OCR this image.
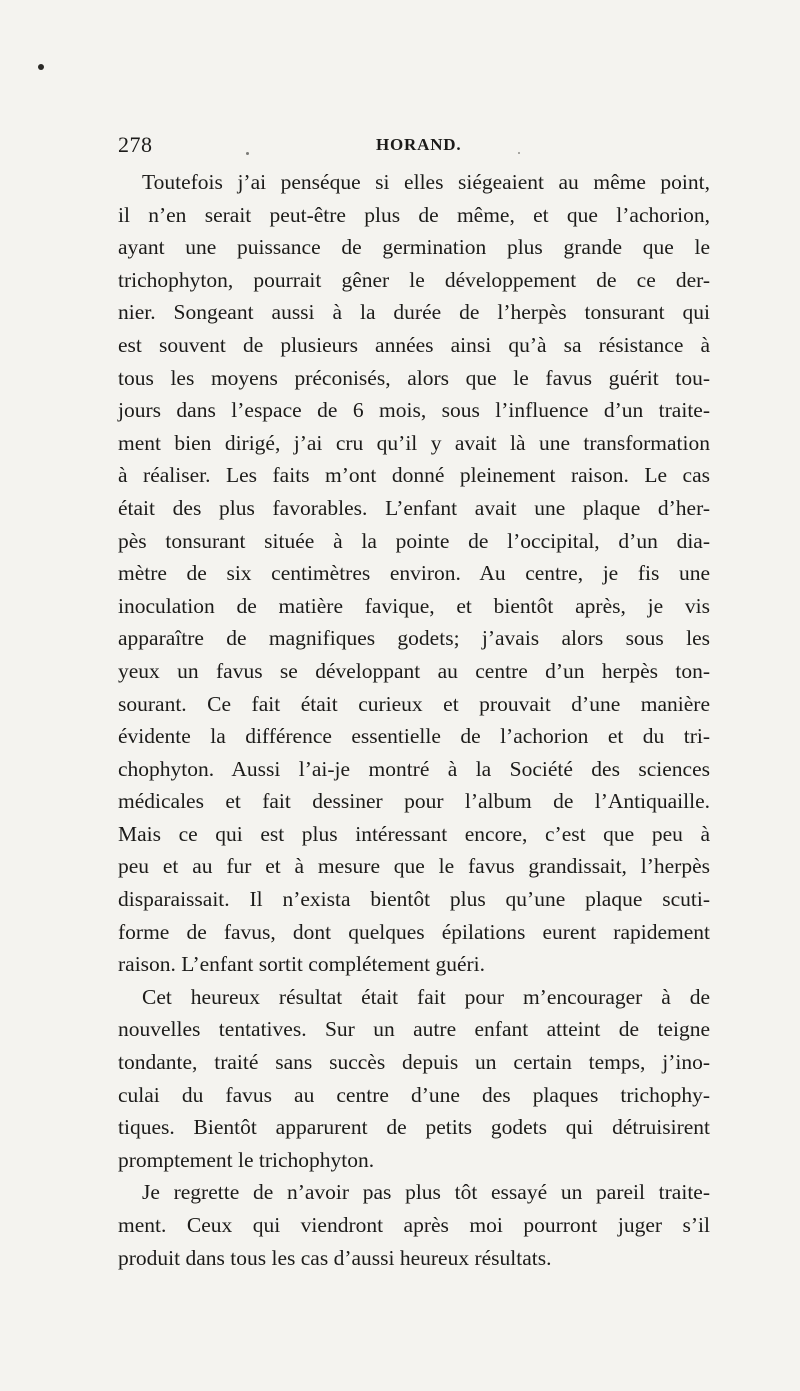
278	HORAND.
Toutefois j’ai penséque si elles siégeaient au même point,
il n’en serait peut-être plus de même, et que l’achorion,
ayant une puissance de germination plus grande que le
trichophyton, pourrait gêner le développement de ce der-
nier. Songeant aussi à la durée de l’herpès tonsurant qui
est souvent de plusieurs années ainsi qu’à sa résistance à
tous les moyens préconisés, alors que le favus guérit tou-
jours dans l’espace de 6 mois, sous l’influence d’un traite-
ment bien dirigé, j’ai cru qu’il y avait là une transformation
à réaliser. Les faits m’ont donné pleinement raison. Le cas
était des plus favorables. L’enfant avait une plaque d’her-
pès tonsurant située à la pointe de l’occipital, d’un dia-
mètre de six centimètres environ. Au centre, je fis une
inoculation de matière favique, et bientôt après, je vis
apparaître de magnifiques godets; j’avais alors sous les
yeux un favus se développant au centre d’un herpès ton-
sourant. Ce fait était curieux et prouvait d’une manière
évidente la différence essentielle de l’achorion et du tri-
chophyton. Aussi l’ai-je montré à la Société des sciences
médicales et fait dessiner pour l’album de l’Antiquaille.
Mais ce qui est plus intéressant encore, c’est que peu à
peu et au fur et à mesure que le favus grandissait, l’herpès
disparaissait. Il n’exista bientôt plus qu’une plaque scuti-
forme de favus, dont quelques épilations eurent rapidement
raison. L’enfant sortit complétement guéri.
Cet heureux résultat était fait pour m’encourager à de
nouvelles tentatives. Sur un autre enfant atteint de teigne
tondante, traité sans succès depuis un certain temps, j’ino-
culai du favus au centre d’une des plaques trichophy-
tiques. Bientôt apparurent de petits godets qui détruisirent
promptement le trichophyton.
Je regrette de n’avoir pas plus tôt essayé un pareil traite-
ment. Ceux qui viendront après moi pourront juger s’il
produit dans tous les cas d’aussi heureux résultats.
